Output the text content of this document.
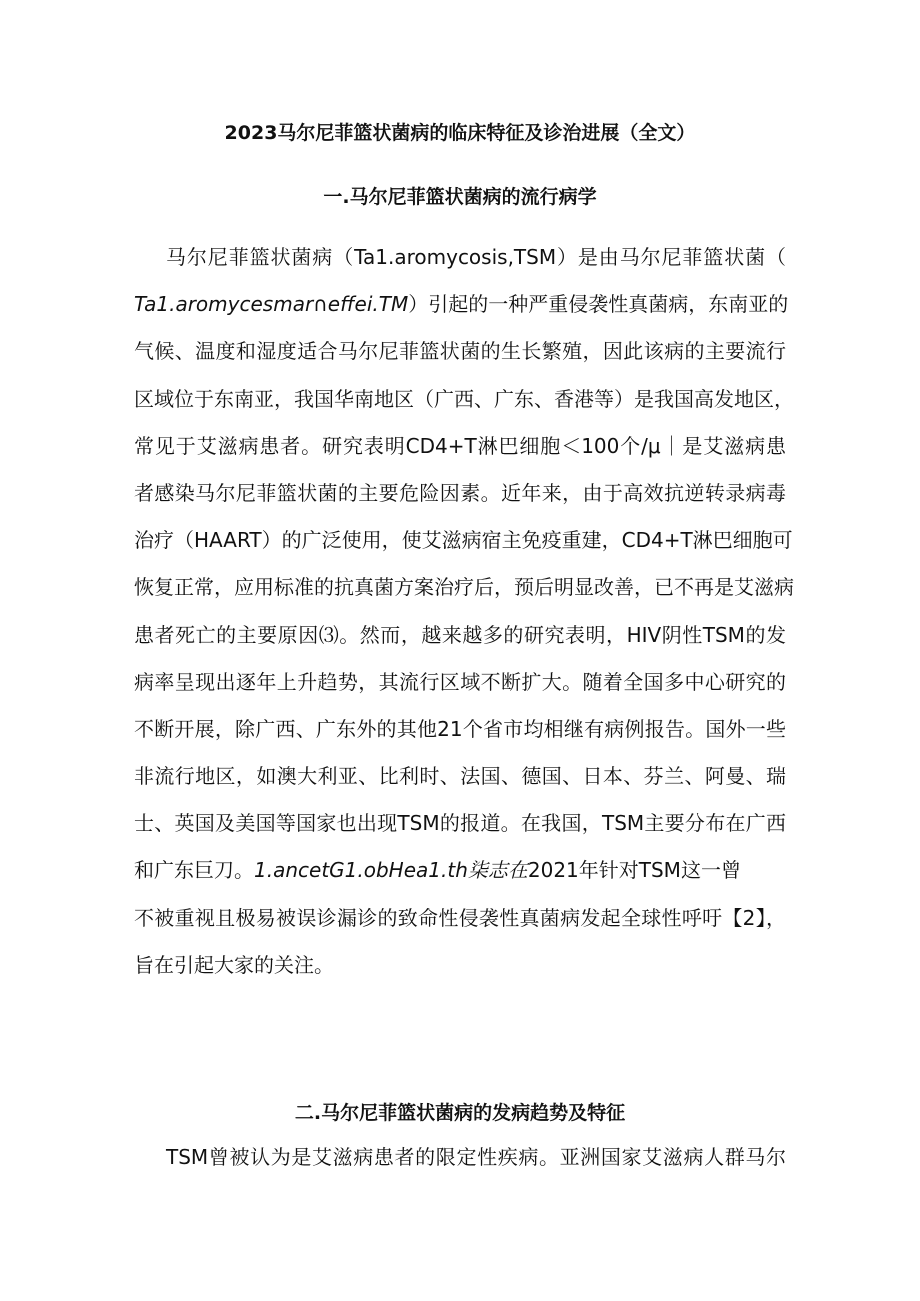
2023马尔尼菲篮状菌病的临床特征及诊治进展（全文）
一.马尔尼菲篮状菌病的流行病学
马尔尼菲篮状菌病（Ta1.aromycosis,TSM）是由马尔尼菲篮状菌（
Ta1.aromycesmar∩effei.TM）引起的一种严重侵袭性真菌病，东南亚的
气候、温度和湿度适合马尔尼菲篮状菌的生长繁殖，因此该病的主要流行
区域位于东南亚，我国华南地区（广西、广东、香港等）是我国高发地区，
常见于艾滋病患者。研究表明CD4+T淋巴细胞＜100个/μ｜是艾滋病患
者感染马尔尼菲篮状菌的主要危险因素。近年来，由于高效抗逆转录病毒
治疗（HAART）的广泛使用，使艾滋病宿主免疫重建，CD4+T淋巴细胞可
恢复正常，应用标准的抗真菌方案治疗后，预后明显改善，已不再是艾滋病
患者死亡的主要原因⑶。然而，越来越多的研究表明，HIV阴性TSM的发
病率呈现出逐年上升趋势，其流行区域不断扩大。随着全国多中心研究的
不断开展，除广西、广东外的其他21个省市均相继有病例报告。国外一些
非流行地区，如澳大利亚、比利时、法国、德国、日本、芬兰、阿曼、瑞
士、英国及美国等国家也出现TSM的报道。在我国，TSM主要分布在广西
和广东巨刀。1.ancetG1.obHea1.th柒志在2021年针对TSM这一曾
不被重视且极易被误诊漏诊的致命性侵袭性真菌病发起全球性呼吁【2】，
旨在引起大家的关注。
二.马尔尼菲篮状菌病的发病趋势及特征
TSM曾被认为是艾滋病患者的限定性疾病。亚洲国家艾滋病人群马尔
